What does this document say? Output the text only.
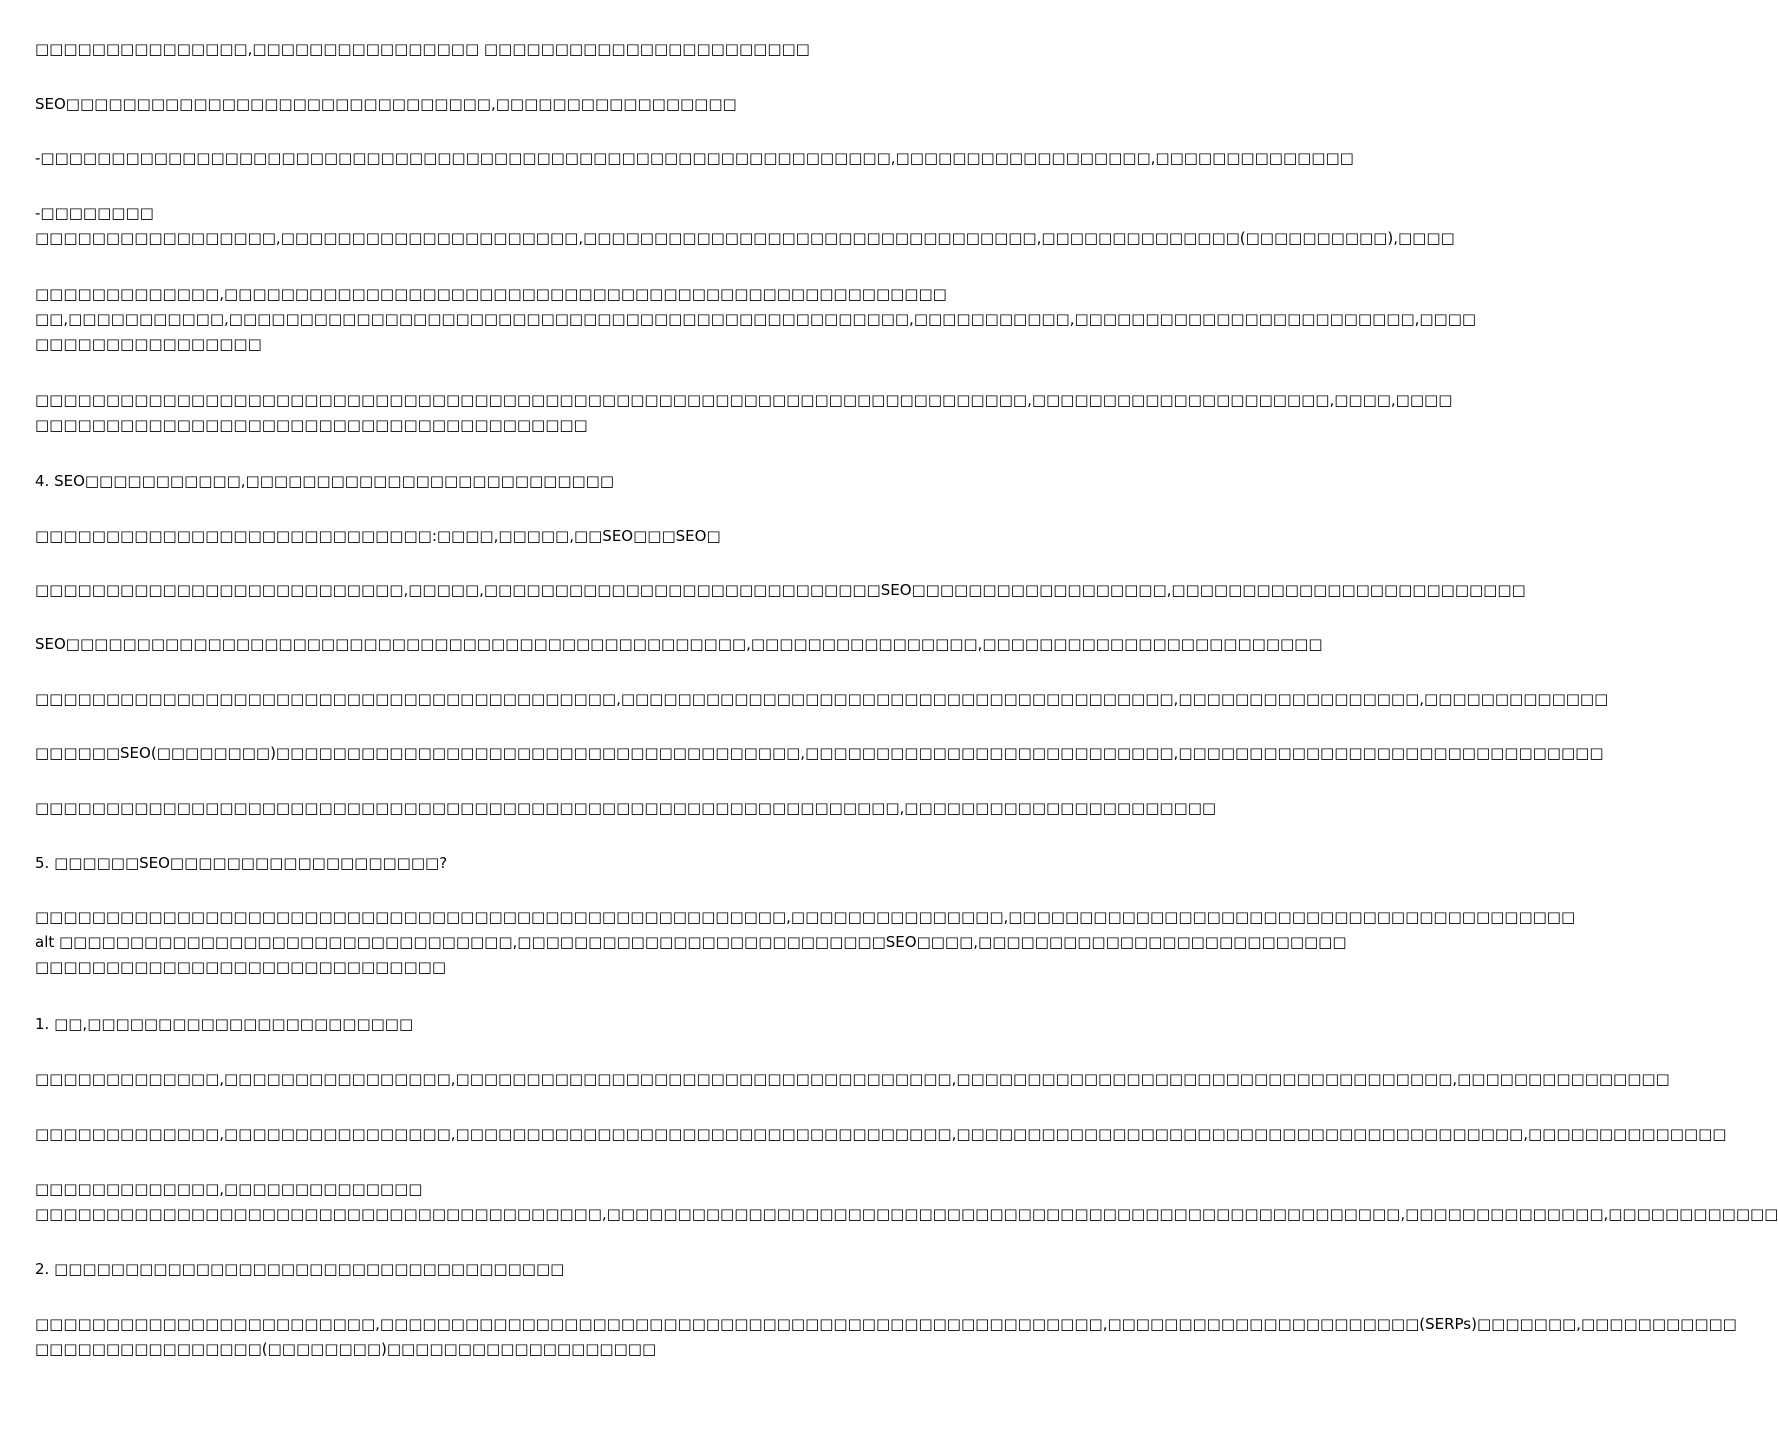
□□□□□□□□□□□□□□□,□□□□□□□□□□□□□□□□ □□□□□□□□□□□□□□□□□□□□□□□
SEO□□□□□□□□□□□□□□□□□□□□□□□□□□□□□□,□□□□□□□□□□□□□□□□□
-□□□□□□□□□□□□□□□□□□□□□□□□□□□□□□□□□□□□□□□□□□□□□□□□□□□□□□□□□□□□,□□□□□□□□□□□□□□□□□□,□□□□□□□□□□□□□□
-□□□□□□□□
□□□□□□□□□□□□□□□□□,□□□□□□□□□□□□□□□□□□□□□,□□□□□□□□□□□□□□□□□□□□□□□□□□□□□□□□,□□□□□□□□□□□□□□(□□□□□□□□□□),□□□□
□□□□□□□□□□□□□,□□□□□□□□□□□□□□□□□□□□□□□□□□□□□□□□□□□□□□□□□□□□□□□□□□□
□□,□□□□□□□□□□□,□□□□□□□□□□□□□□□□□□□□□□□□□□□□□□□□□□□□□□□□□□□□□□□□,□□□□□□□□□□□,□□□□□□□□□□□□□□□□□□□□□□□□,□□□□
□□□□□□□□□□□□□□□□
□□□□□□□□□□□□□□□□□□□□□□□□□□□□□□□□□□□□□□□□□□□□□□□□□□□□□□□□□□□□□□□□□□□□□□,□□□□□□□□□□□□□□□□□□□□□,□□□□,□□□□
□□□□□□□□□□□□□□□□□□□□□□□□□□□□□□□□□□□□□□□
4. SEO□□□□□□□□□□□,□□□□□□□□□□□□□□□□□□□□□□□□□□
□□□□□□□□□□□□□□□□□□□□□□□□□□□□:□□□□,□□□□□,□□SEO□□□SEO□
□□□□□□□□□□□□□□□□□□□□□□□□□□,□□□□□,□□□□□□□□□□□□□□□□□□□□□□□□□□□□SEO□□□□□□□□□□□□□□□□□□,□□□□□□□□□□□□□□□□□□□□□□□□□
SEO□□□□□□□□□□□□□□□□□□□□□□□□□□□□□□□□□□□□□□□□□□□□□□□□,□□□□□□□□□□□□□□□□,□□□□□□□□□□□□□□□□□□□□□□□□
□□□□□□□□□□□□□□□□□□□□□□□□□□□□□□□□□□□□□□□□□,□□□□□□□□□□□□□□□□□□□□□□□□□□□□□□□□□□□□□□□,□□□□□□□□□□□□□□□□□,□□□□□□□□□□□□□
□□□□□□SEO(□□□□□□□□)□□□□□□□□□□□□□□□□□□□□□□□□□□□□□□□□□□□□□,□□□□□□□□□□□□□□□□□□□□□□□□□□,□□□□□□□□□□□□□□□□□□□□□□□□□□□□□□
□□□□□□□□□□□□□□□□□□□□□□□□□□□□□□□□□□□□□□□□□□□□□□□□□□□□□□□□□□□□□,□□□□□□□□□□□□□□□□□□□□□□
5. □□□□□□SEO□□□□□□□□□□□□□□□□□□□?
□□□□□□□□□□□□□□□□□□□□□□□□□□□□□□□□□□□□□□□□□□□□□□□□□□□□□,□□□□□□□□□□□□□□□,□□□□□□□□□□□□□□□□□□□□□□□□□□□□□□□□□□□□□□□□
alt □□□□□□□□□□□□□□□□□□□□□□□□□□□□□□□□,□□□□□□□□□□□□□□□□□□□□□□□□□□SEO□□□□,□□□□□□□□□□□□□□□□□□□□□□□□□□
□□□□□□□□□□□□□□□□□□□□□□□□□□□□□
1. □□,□□□□□□□□□□□□□□□□□□□□□□□
□□□□□□□□□□□□□,□□□□□□□□□□□□□□□□,□□□□□□□□□□□□□□□□□□□□□□□□□□□□□□□□□□□,□□□□□□□□□□□□□□□□□□□□□□□□□□□□□□□□□□□,□□□□□□□□□□□□□□□
□□□□□□□□□□□□□,□□□□□□□□□□□□□□□□,□□□□□□□□□□□□□□□□□□□□□□□□□□□□□□□□□□□,□□□□□□□□□□□□□□□□□□□□□□□□□□□□□□□□□□□□□□□□,□□□□□□□□□□□□□□
□□□□□□□□□□□□□,□□□□□□□□□□□□□□
□□□□□□□□□□□□□□□□□□□□□□□□□□□□□□□□□□□□□□□□,□□□□□□□□□□□□□□□□□□□□□□□□□□□□□□□□□□□□□□□□□□□□□□□□□□□□□□□□,□□□□□□□□□□□□□□,□□□□□□□□□□□□
2. □□□□□□□□□□□□□□□□□□□□□□□□□□□□□□□□□□□□
□□□□□□□□□□□□□□□□□□□□□□□□,□□□□□□□□□□□□□□□□□□□□□□□□□□□□□□□□□□□□□□□□□□□□□□□□□□□,□□□□□□□□□□□□□□□□□□□□□□(SERPs)□□□□□□□,□□□□□□□□□□□
□□□□□□□□□□□□□□□□(□□□□□□□□)□□□□□□□□□□□□□□□□□□□
